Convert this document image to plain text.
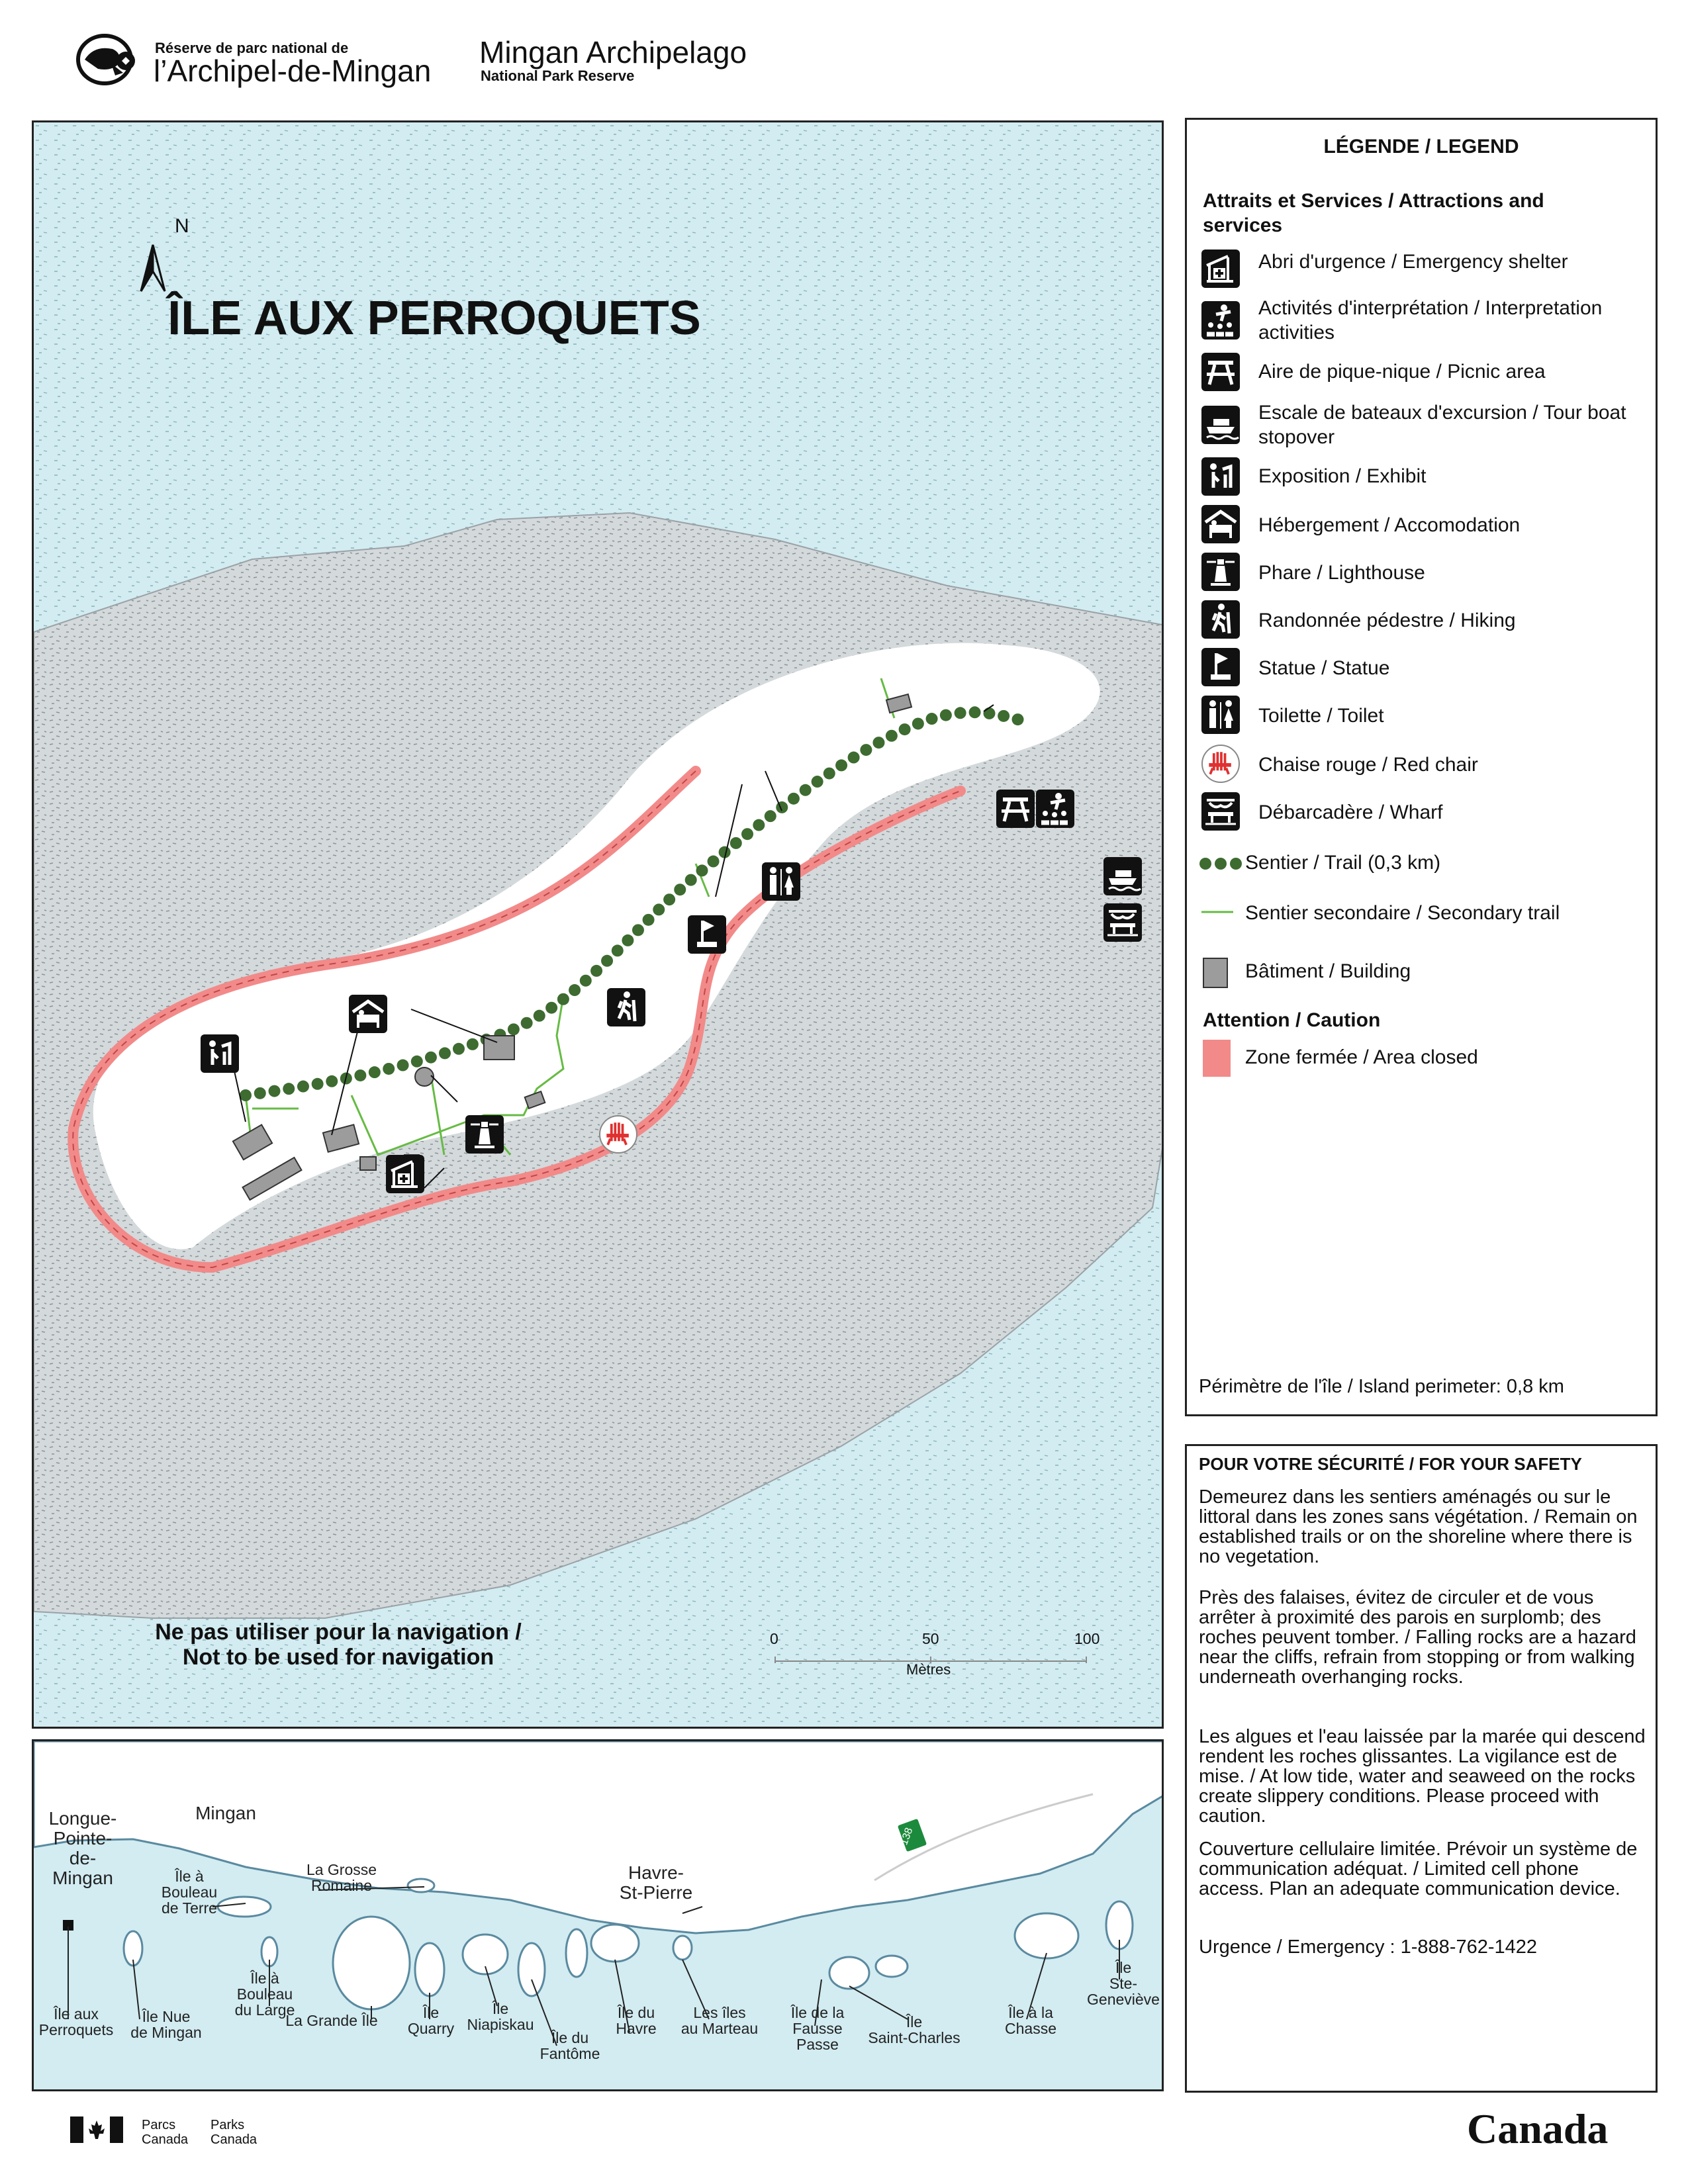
Réserve de parc national de
l’Archipel-de-Mingan
Mingan Archipelago
National Park Reserve
ÎLE AUX PERROQUETS
N
Ne pas utiliser pour la navigation /
Not to be used for navigation
0	50	100
Mètres
LÉGENDE / LEGEND
Attraits et Services / Attractions and services
Abri d'urgence / Emergency shelter
Activités d'interprétation / Interpretation activities
Aire de pique-nique / Picnic area
Escale de bateaux d'excursion / Tour boat stopover
Exposition / Exhibit
Hébergement / Accomodation
Phare / Lighthouse
Randonnée pédestre / Hiking
Statue / Statue
Toilette / Toilet
Chaise rouge / Red chair
Débarcadère / Wharf
Sentier / Trail (0,3 km)
Sentier secondaire / Secondary trail
Bâtiment / Building
Attention / Caution
Zone fermée / Area closed
Périmètre de l'île / Island perimeter: 0,8 km
POUR VOTRE SÉCURITÉ / FOR YOUR SAFETY
Demeurez dans les sentiers aménagés ou sur le littoral dans les zones sans végétation. / Remain on established trails or on the shoreline where there is no vegetation.
Près des falaises, évitez de circuler et de vous arrêter à proximité des parois en surplomb; des roches peuvent tomber. / Falling rocks are a hazard near the cliffs, refrain from stopping or from walking underneath overhanging rocks.
Les algues et l'eau laissée par la marée qui descend rendent les roches glissantes. La vigilance est de mise. / At low tide, water and seaweed on the rocks create slippery conditions. Please proceed with caution.
Couverture cellulaire limitée. Prévoir un système de communication adéquat. / Limited cell phone access. Plan an adequate communication device.
Urgence / Emergency : 1-888-762-1422
138
Longue-
Pointe-
de-Mingan
Mingan
Havre-
St-Pierre
Île à
Bouleau
de Terre
La Grosse
Romaine
Île aux
Perroquets
Île Nue
de Mingan
Île à
Bouleau
du Large
La Grande Île	Île
Quarry
Île
Niapiskau
Île du
Fantôme
Île du
Havre
Les îles
au Marteau
Île de la
Fausse
Passe
Île
Saint-Charles
Île à la
Chasse
Île
Ste-
Geneviève
Parcs
Canada
Parks
Canada	Canada
